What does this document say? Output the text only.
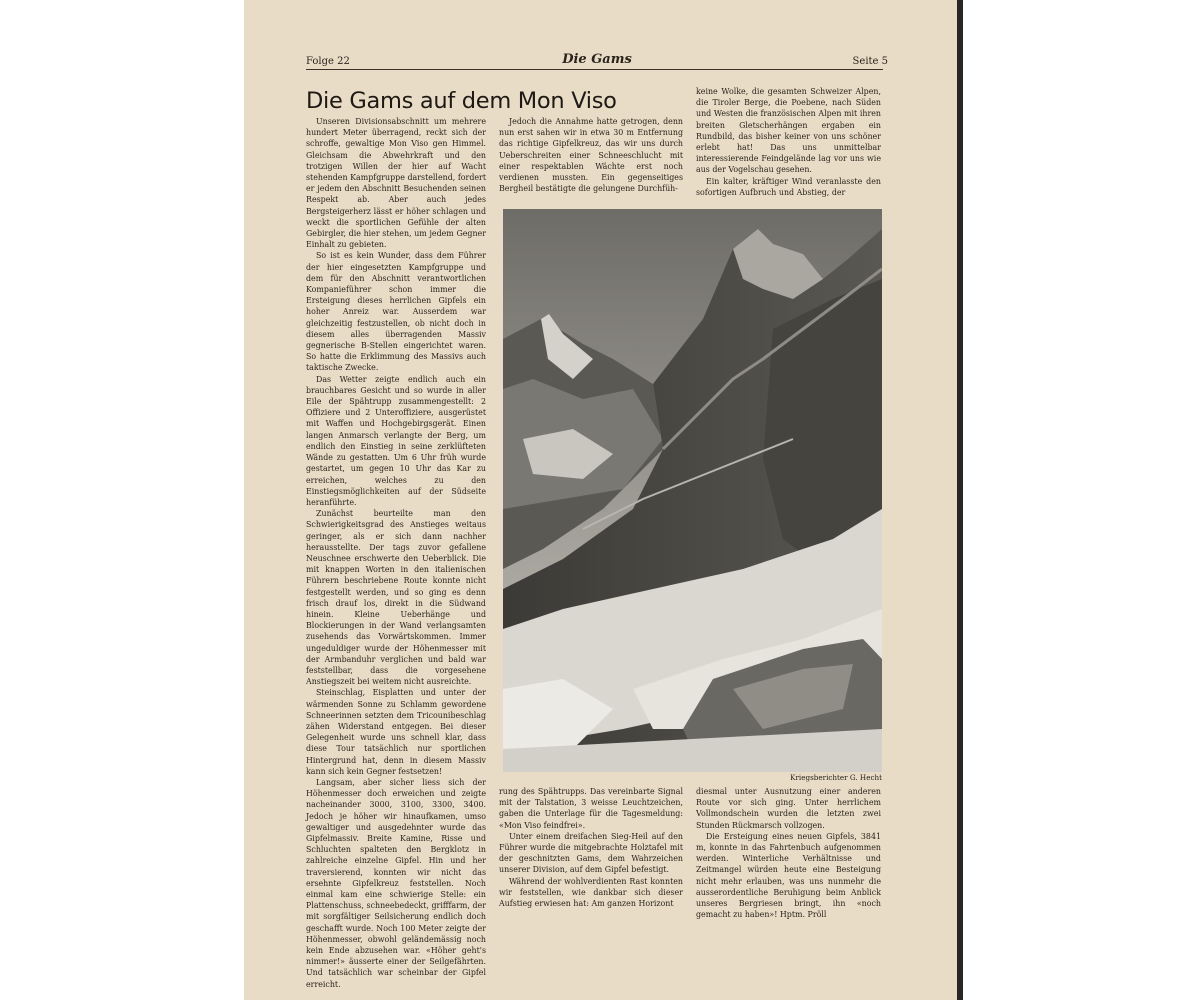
Folge 22	Die Gams	Seite 5
Die Gams auf dem Mon Viso

Unseren Divisionsabschnitt um mehrere hundert Meter überragend, reckt sich der schroffe, gewaltige Mon Viso gen Himmel. Gleichsam die Abwehrkraft und den trotzigen Willen der hier auf Wacht stehenden Kampfgruppe darstellend, fordert er jedem den Abschnitt Besuchenden seinen Respekt ab. Aber auch jedes Bergsteigerherz lässt er höher schlagen und weckt die sportlichen Gefühle der alten Gebirgler, die hier stehen, um jedem Gegner Einhalt zu gebieten.

So ist es kein Wunder, dass dem Führer der hier eingesetzten Kampfgruppe und dem für den Abschnitt verantwortlichen Kompanieführer schon immer die Ersteigung dieses herrlichen Gipfels ein hoher Anreiz war. Ausserdem war gleichzeitig festzustellen, ob nicht doch in diesem alles überragenden Massiv gegnerische B-Stellen eingerichtet waren. So hatte die Erklimmung des Massivs auch taktische Zwecke.

Das Wetter zeigte endlich auch ein brauchbares Gesicht und so wurde in aller Eile der Spähtrupp zusammengestellt: 2 Offiziere und 2 Unteroffiziere, ausgerüstet mit Waffen und Hochgebirgsgerät. Einen langen Anmarsch verlangte der Berg, um endlich den Einstieg in seine zerklüfteten Wände zu gestatten. Um 6 Uhr früh wurde gestartet, um gegen 10 Uhr das Kar zu erreichen, welches zu den Einstiegsmöglichkeiten auf der Südseite heranführte.

Zunächst beurteilte man den Schwierigkeitsgrad des Anstieges weitaus geringer, als er sich dann nachher herausstellte. Der tags zuvor gefallene Neuschnee erschwerte den Ueberblick. Die mit knappen Worten in den italienischen Führern beschriebene Route konnte nicht festgestellt werden, und so ging es denn frisch drauf los, direkt in die Südwand hinein. Kleine Ueberhänge und Blockierungen in der Wand verlangsamten zusehends das Vorwärtskommen. Immer ungeduldiger wurde der Höhenmesser mit der Armbanduhr verglichen und bald war feststellbar, dass die vorgesehene Anstiegszeit bei weitem nicht ausreichte.

Steinschlag, Eisplatten und unter der wärmenden Sonne zu Schlamm gewordene Schneerinnen setzten dem Tricounibeschlag zähen Widerstand entgegen. Bei dieser Gelegenheit wurde uns schnell klar, dass diese Tour tatsächlich nur sportlichen Hintergrund hat, denn in diesem Massiv kann sich kein Gegner festsetzen!

Langsam, aber sicher liess sich der Höhenmesser doch erweichen und zeigte nacheinander 3000, 3100, 3300, 3400. Jedoch je höher wir hinaufkamen, umso gewaltiger und ausgedehnter wurde das Gipfelmassiv. Breite Kamine, Risse und Schluchten spalteten den Bergklotz in zahlreiche einzelne Gipfel. Hin und her traversierend, konnten wir nicht das ersehnte Gipfelkreuz feststellen. Noch einmal kam eine schwierige Stelle: ein Plattenschuss, schneebedeckt, grifffarm, der mit sorgfältiger Seilsicherung endlich doch geschafft wurde. Noch 100 Meter zeigte der Höhenmesser, obwohl geländemässig noch kein Ende abzusehen war. «Höher geht's nimmer!» äusserte einer der Seilgefährten. Und tatsächlich war scheinbar der Gipfel erreicht.

Jedoch die Annahme hatte getrogen, denn nun erst sahen wir in etwa 30 m Entfernung das richtige Gipfelkreuz, das wir uns durch Ueberschreiten einer Schneeschlucht mit einer respektablen Wächte erst noch verdienen mussten. Ein gegenseitiges Bergheil bestätigte die gelungene Durchfüh-

keine Wolke, die gesamten Schweizer Alpen, die Tiroler Berge, die Poebene, nach Süden und Westen die französischen Alpen mit ihren breiten Gletscherhängen ergaben ein Rundbild, das bisher keiner von uns schöner erlebt hat! Das uns unmittelbar interessierende Feindgelände lag vor uns wie aus der Vogelschau gesehen.

Ein kalter, kräftiger Wind veranlasste den sofortigen Aufbruch und Abstieg, der

Kriegsberichter G. Hecht

rung des Spähtrupps. Das vereinbarte Signal mit der Talstation, 3 weisse Leuchtzeichen, gaben die Unterlage für die Tagesmeldung: «Mon Viso feindfrei».

Unter einem dreifachen Sieg-Heil auf den Führer wurde die mitgebrachte Holztafel mit der geschnitzten Gams, dem Wahrzeichen unserer Division, auf dem Gipfel befestigt.

Während der wohlverdienten Rast konnten wir feststellen, wie dankbar sich dieser Aufstieg erwiesen hat: Am ganzen Horizont

diesmal unter Ausnutzung einer anderen Route vor sich ging. Unter herrlichem Vollmondschein wurden die letzten zwei Stunden Rückmarsch vollzogen.

Die Ersteigung eines neuen Gipfels, 3841 m, konnte in das Fahrtenbuch aufgenommen werden. Winterliche Verhältnisse und Zeitmangel würden heute eine Besteigung nicht mehr erlauben, was uns nunmehr die ausserordentliche Beruhigung beim Anblick unseres Bergriesen bringt, ihn «noch gemacht zu haben»! Hptm. Pröll
